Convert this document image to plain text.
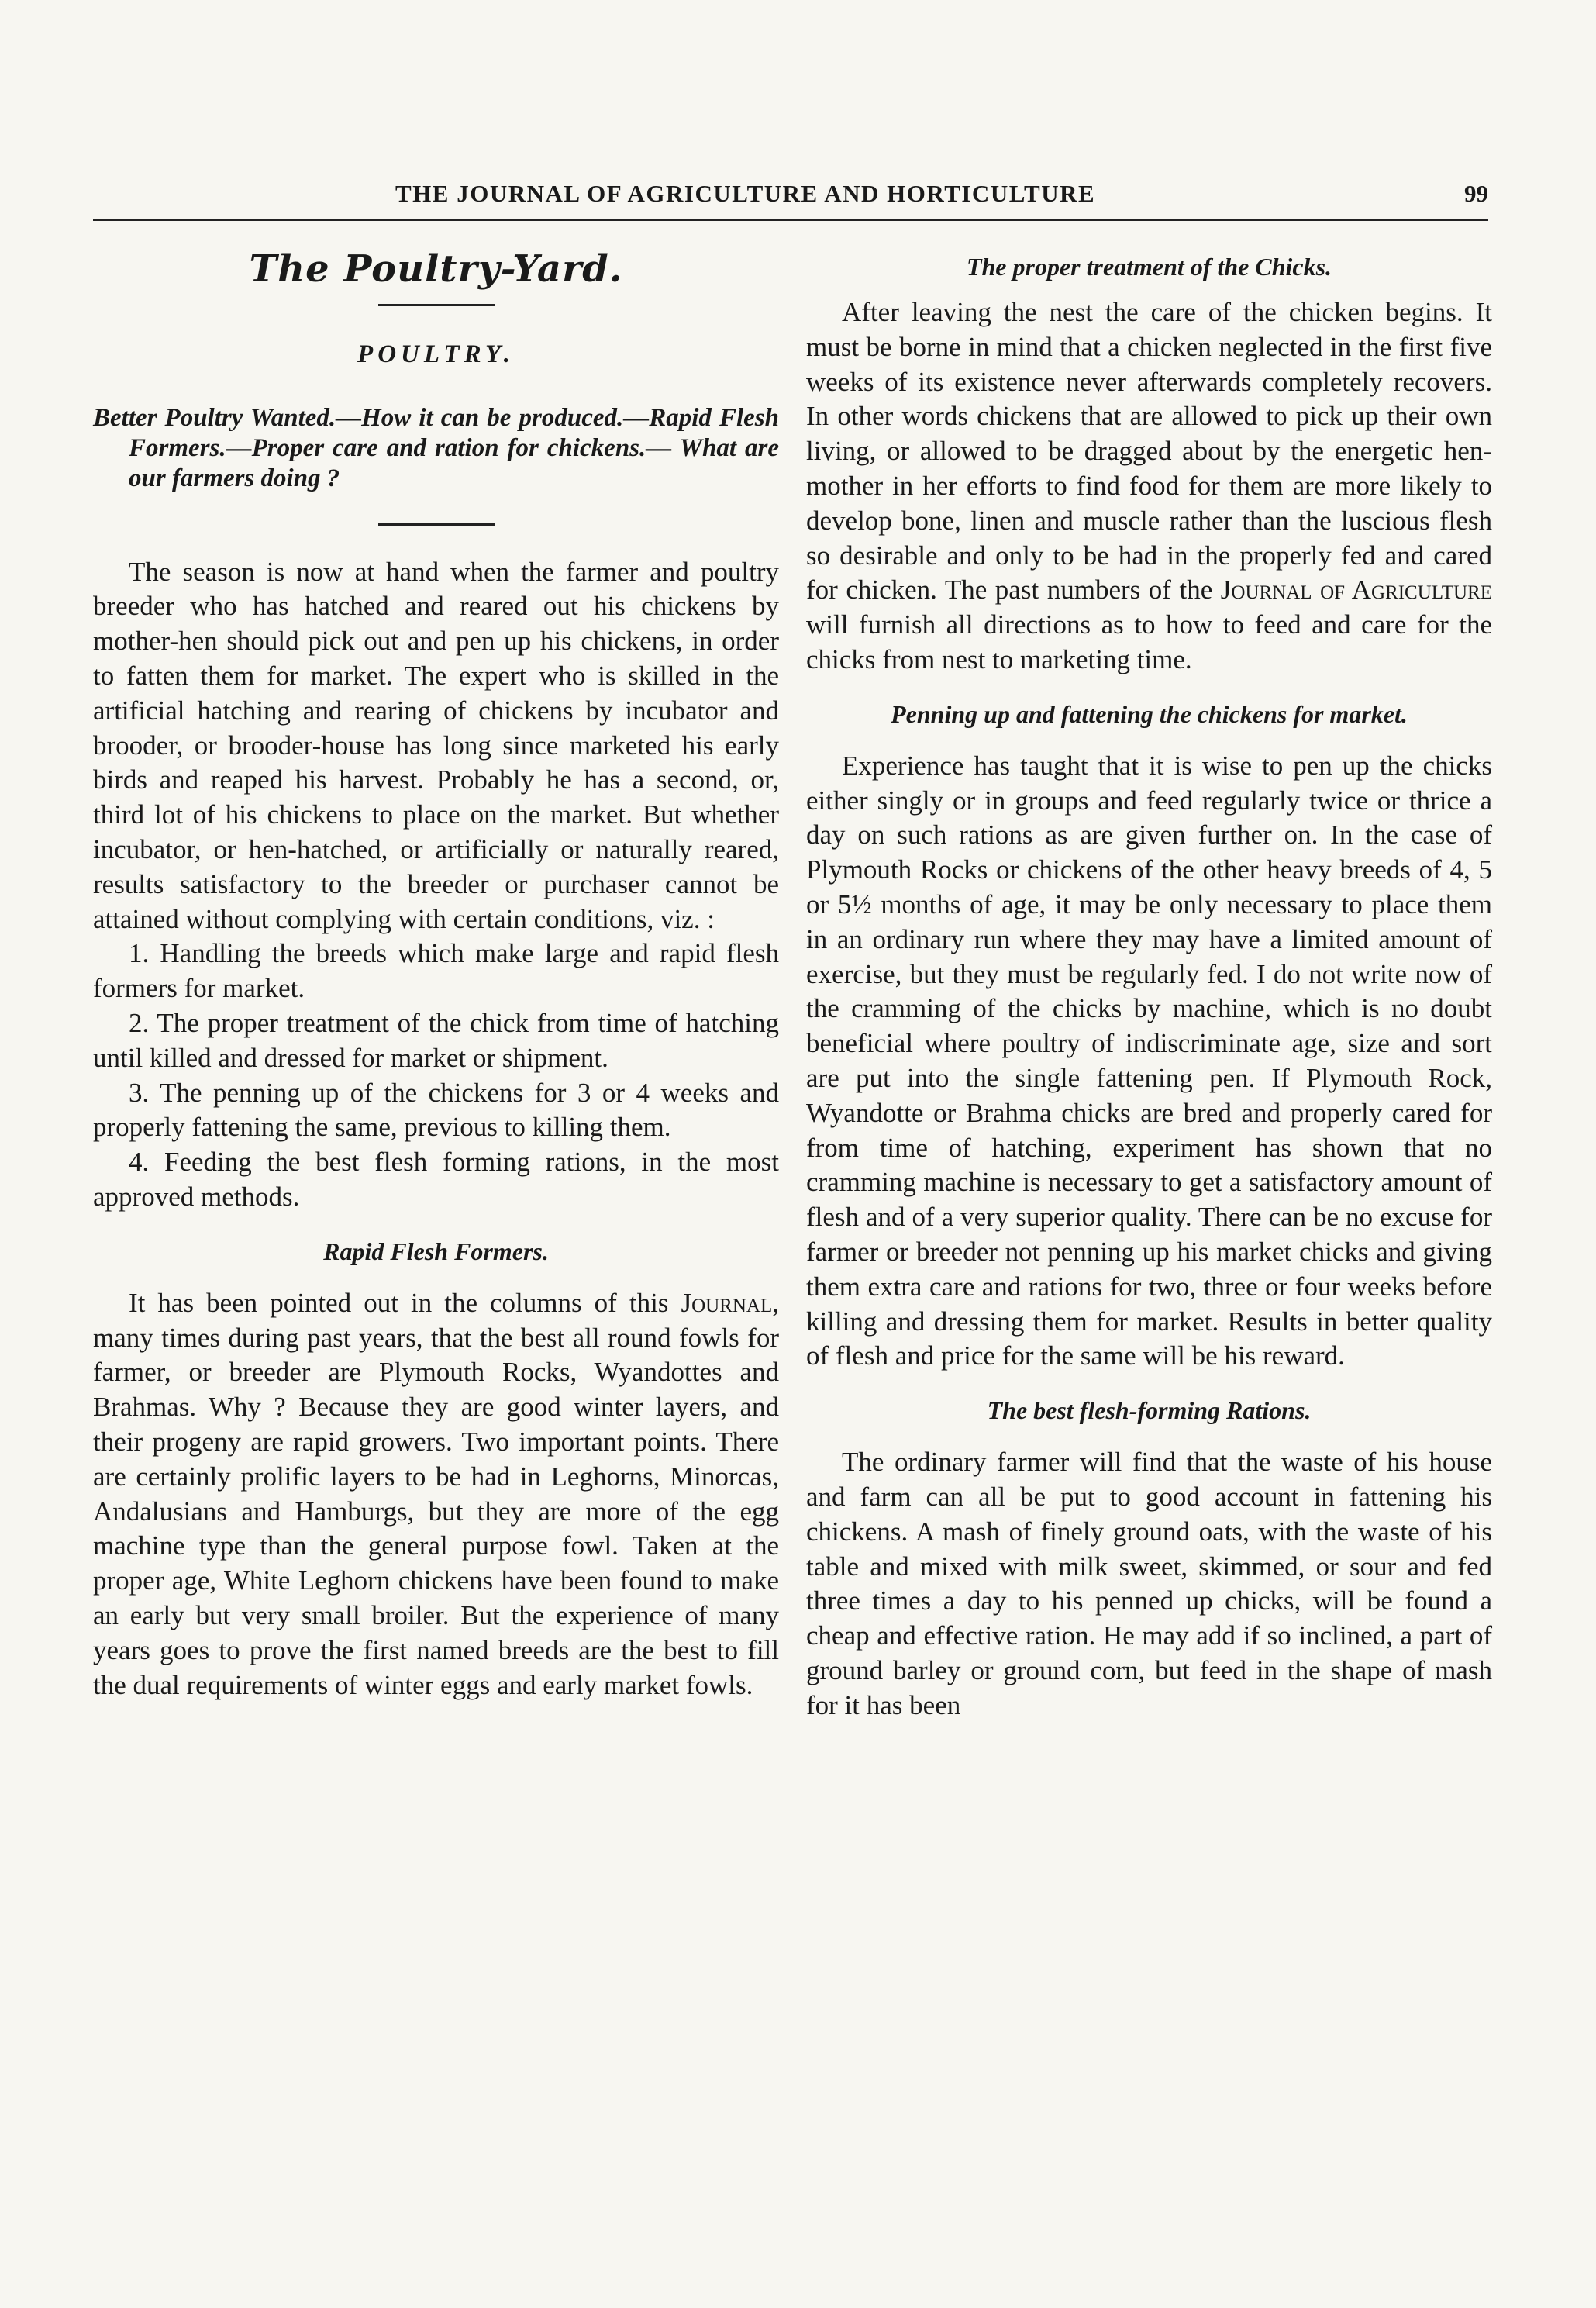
THE JOURNAL OF AGRICULTURE AND HORTICULTURE	99
The Poultry-Yard.
POULTRY.
Better Poultry Wanted.—How it can be produced.—Rapid Flesh Formers.—Proper care and ration for chickens.— What are our farmers doing ?

The season is now at hand when the farmer and poultry breeder who has hatched and reared out his chickens by mother-hen should pick out and pen up his chickens, in order to fatten them for market. The expert who is skilled in the artificial hatching and rearing of chickens by incubator and brooder, or brooder-house has long since marketed his early birds and reaped his harvest. Probably he has a second, or, third lot of his chickens to place on the market. But whether incubator, or hen-hatched, or artificially or naturally reared, results satisfactory to the breeder or purchaser cannot be attained without complying with certain conditions, viz. :

1. Handling the breeds which make large and rapid flesh formers for market.

2. The proper treatment of the chick from time of hatching until killed and dressed for market or shipment.

3. The penning up of the chickens for 3 or 4 weeks and properly fattening the same, previous to killing them.

4. Feeding the best flesh forming rations, in the most approved methods.

Rapid Flesh Formers.

It has been pointed out in the columns of this Journal, many times during past years, that the best all round fowls for farmer, or breeder are Plymouth Rocks, Wyandottes and Brahmas. Why ? Because they are good winter layers, and their progeny are rapid growers. Two important points. There are certainly prolific layers to be had in Leghorns, Minorcas, Andalusians and Hamburgs, but they are more of the egg machine type than the general purpose fowl. Taken at the proper age, White Leghorn chickens have been found to make an early but very small broiler. But the experience of many years goes to prove the first named breeds are the best to fill the dual requirements of winter eggs and early market fowls.

The proper treatment of the Chicks.

After leaving the nest the care of the chicken begins. It must be borne in mind that a chicken neglected in the first five weeks of its existence never afterwards completely recovers. In other words chickens that are allowed to pick up their own living, or allowed to be dragged about by the energetic hen-mother in her efforts to find food for them are more likely to develop bone, linen and muscle rather than the luscious flesh so desirable and only to be had in the properly fed and cared for chicken. The past numbers of the Journal of Agriculture will furnish all directions as to how to feed and care for the chicks from nest to marketing time.

Penning up and fattening the chickens for market.

Experience has taught that it is wise to pen up the chicks either singly or in groups and feed regularly twice or thrice a day on such rations as are given further on. In the case of Plymouth Rocks or chickens of the other heavy breeds of 4, 5 or 5½ months of age, it may be only necessary to place them in an ordinary run where they may have a limited amount of exercise, but they must be regularly fed. I do not write now of the cramming of the chicks by machine, which is no doubt beneficial where poultry of indiscriminate age, size and sort are put into the single fattening pen. If Plymouth Rock, Wyandotte or Brahma chicks are bred and properly cared for from time of hatching, experiment has shown that no cramming machine is necessary to get a satisfactory amount of flesh and of a very superior quality. There can be no excuse for farmer or breeder not penning up his market chicks and giving them extra care and rations for two, three or four weeks before killing and dressing them for market. Results in better quality of flesh and price for the same will be his reward.

The best flesh-forming Rations.

The ordinary farmer will find that the waste of his house and farm can all be put to good account in fattening his chickens. A mash of finely ground oats, with the waste of his table and mixed with milk sweet, skimmed, or sour and fed three times a day to his penned up chicks, will be found a cheap and effective ration. He may add if so inclined, a part of ground barley or ground corn, but feed in the shape of mash for it has been
